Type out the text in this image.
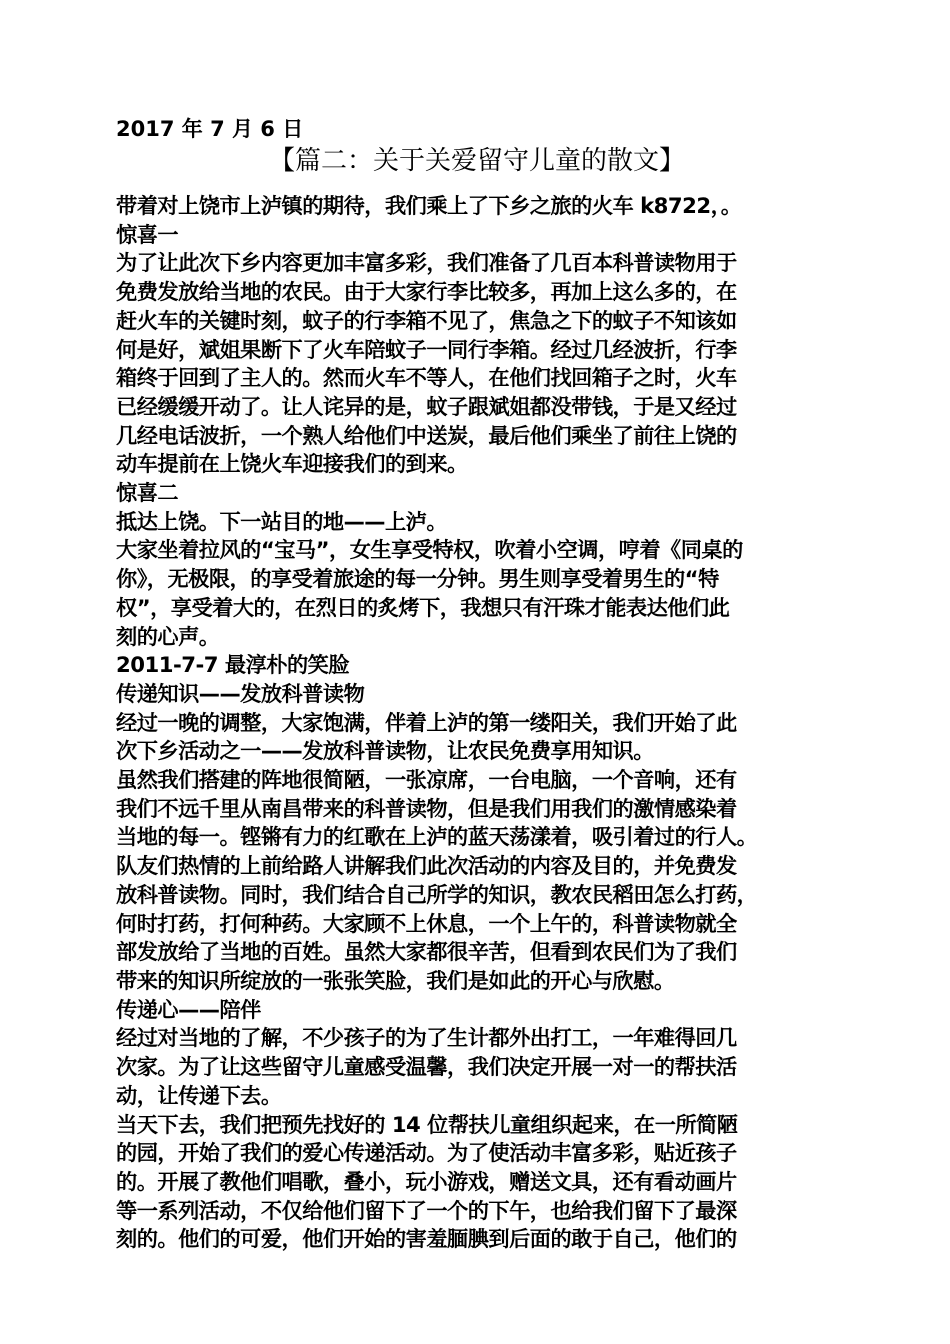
2017 年 7 月 6 日
【篇二：关于关爱留守儿童的散文】

带着对上饶市上泸镇的期待，我们乘上了下乡之旅的火车 k8722，。

惊喜一

为了让此次下乡内容更加丰富多彩，我们准备了几百本科普读物用于

免费发放给当地的农民。由于大家行李比较多，再加上这么多的，在

赶火车的关键时刻，蚊子的行李箱不见了，焦急之下的蚊子不知该如

何是好，斌姐果断下了火车陪蚊子一同行李箱。经过几经波折，行李

箱终于回到了主人的。然而火车不等人，在他们找回箱子之时，火车

已经缓缓开动了。让人诧异的是，蚊子跟斌姐都没带钱，于是又经过

几经电话波折，一个熟人给他们中送炭，最后他们乘坐了前往上饶的

动车提前在上饶火车迎接我们的到来。

惊喜二

抵达上饶。下一站目的地——上泸。

大家坐着拉风的“宝马”，女生享受特权，吹着小空调，哼着《同桌的

你》，无极限，的享受着旅途的每一分钟。男生则享受着男生的“特

权”，享受着大的，在烈日的炙烤下，我想只有汗珠才能表达他们此

刻的心声。

2011-7-7 最淳朴的笑脸

传递知识——发放科普读物

经过一晚的调整，大家饱满，伴着上泸的第一缕阳关，我们开始了此

次下乡活动之一——发放科普读物，让农民免费享用知识。

虽然我们搭建的阵地很简陋，一张凉席，一台电脑，一个音响，还有

我们不远千里从南昌带来的科普读物，但是我们用我们的激情感染着

当地的每一。铿锵有力的红歌在上泸的蓝天荡漾着，吸引着过的行人。

队友们热情的上前给路人讲解我们此次活动的内容及目的，并免费发

放科普读物。同时，我们结合自己所学的知识，教农民稻田怎么打药，

何时打药，打何种药。大家顾不上休息，一个上午的，科普读物就全

部发放给了当地的百姓。虽然大家都很辛苦，但看到农民们为了我们

带来的知识所绽放的一张张笑脸，我们是如此的开心与欣慰。

传递心——陪伴

经过对当地的了解，不少孩子的为了生计都外出打工，一年难得回几

次家。为了让这些留守儿童感受温馨，我们决定开展一对一的帮扶活

动，让传递下去。

当天下去，我们把预先找好的 14 位帮扶儿童组织起来，在一所简陋

的园，开始了我们的爱心传递活动。为了使活动丰富多彩，贴近孩子

的。开展了教他们唱歌，叠小，玩小游戏，赠送文具，还有看动画片

等一系列活动，不仅给他们留下了一个的下午，也给我们留下了最深

刻的。他们的可爱，他们开始的害羞腼腆到后面的敢于自己，他们的
